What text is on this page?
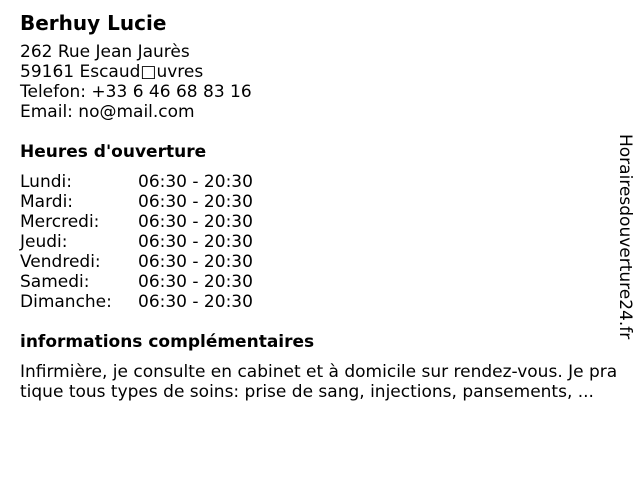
Berhuy Lucie
262 Rue Jean Jaurès
59161 Escaud□uvres
Telefon: +33 6 46 68 83 16
Email: no@mail.com
Heures d'ouverture
Lundi:	06:30 - 20:30
Mardi:	06:30 - 20:30
Mercredi:	06:30 - 20:30
Jeudi:	06:30 - 20:30
Vendredi:	06:30 - 20:30
Samedi:	06:30 - 20:30
Dimanche:	06:30 - 20:30
informations complémentaires
Infirmière, je consulte en cabinet et à domicile sur rendez-vous. Je pratique tous types de soins: prise de sang, injections, pansements, ...
Horairesdouverture24.fr
